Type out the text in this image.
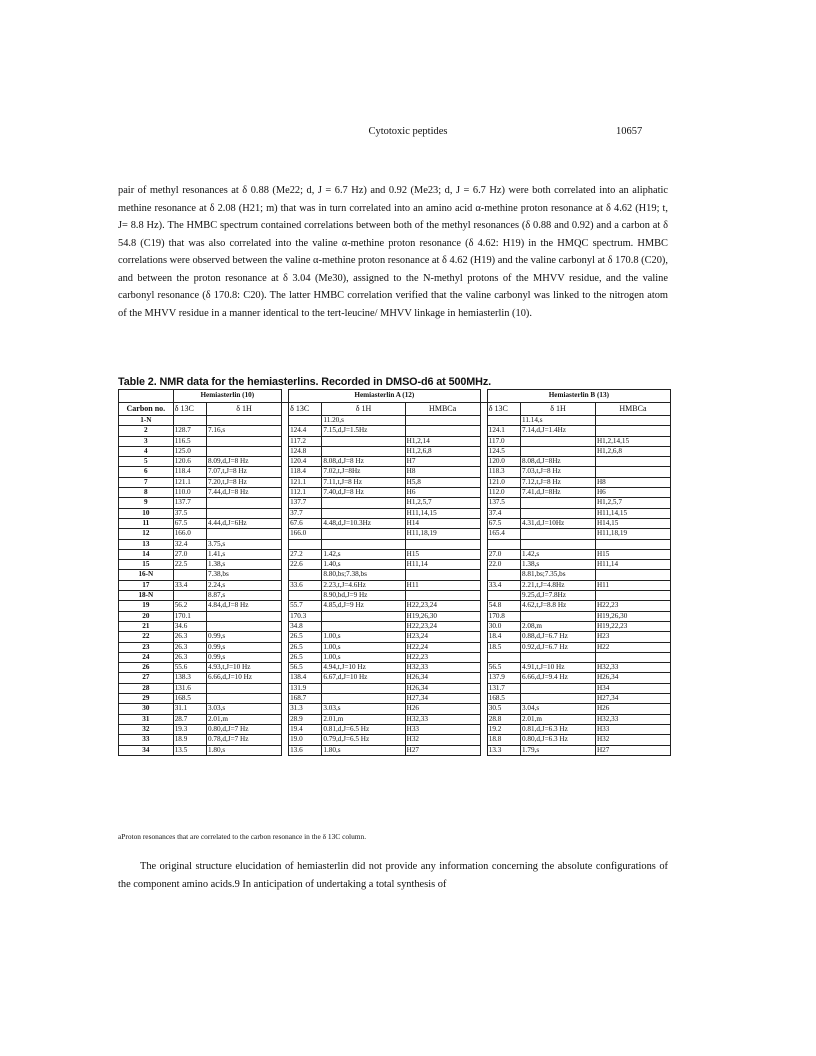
Cytotoxic peptides	10657

pair of methyl resonances at δ 0.88 (Me22; d, J = 6.7 Hz) and 0.92 (Me23; d, J = 6.7 Hz) were both correlated into an aliphatic methine resonance at δ 2.08 (H21; m) that was in turn correlated into an amino acid α-methine proton resonance at δ 4.62 (H19; t, J= 8.8 Hz). The HMBC spectrum contained correlations between both of the methyl resonances (δ 0.88 and 0.92) and a carbon at δ 54.8 (C19) that was also correlated into the valine α-methine proton resonance (δ 4.62: H19) in the HMQC spectrum. HMBC correlations were observed between the valine α-methine proton resonance at δ 4.62 (H19) and the valine carbonyl at δ 170.8 (C20), and between the proton resonance at δ 3.04 (Me30), assigned to the N-methyl protons of the MHVV residue, and the valine carbonyl resonance (δ 170.8: C20). The latter HMBC correlation verified that the valine carbonyl was linked to the nitrogen atom of the MHVV residue in a manner identical to the tert-leucine/ MHVV linkage in hemiasterlin (10).

Table 2. NMR data for the hemiasterlins. Recorded in DMSO-d6 at 500MHz.
	Hemiasterlin (10)			Hemiasterlin A (12)				Hemiasterlin B (13)		
Carbon no.	δ 13C	δ 1H		δ 13C	δ 1H	HMBCa		δ 13C	δ 1H	HMBCa
1-N					11.20,s				11.14,s	
2	128.7	7.16,s		124.4	7.15,d,J=1.5Hz			124.1	7.14,d,J=1.4Hz	
3	116.5			117.2		H1,2,14		117.0		H1,2,14,15
4	125.0			124.8		H1,2,6,8		124.5		H1,2,6,8
5	120.6	8.09,d,J=8 Hz		120.4	8.08,d,J=8 Hz	H7		120.0	8.08,d,J=8Hz	
6	118.4	7.07,t,J=8 Hz		118.4	7.02,t,J=8Hz	H8		118.3	7.03,t,J=8 Hz	
7	121.1	7.20,t,J=8 Hz		121.1	7.11,t,J=8 Hz	H5,8		121.0	7.12,t,J=8 Hz	H8
8	110.0	7.44,d,J=8 Hz		112.1	7.40,d,J=8 Hz	H6		112.0	7.41,d,J=8Hz	H6
9	137.7			137.7		H1,2,5,7		137.5		H1,2,5,7
10	37.5			37.7		H11,14,15		37.4		H11,14,15
11	67.5	4.44,d,J=6Hz		67.6	4.48,d,J=10.3Hz	H14		67.5	4.31,d,J=10Hz	H14,15
12	166.0			166.0		H11,18,19		165.4		H11,18,19
13	32.4	3.75,s								
14	27.0	1.41,s		27.2	1.42,s	H15		27.0	1.42,s	H15
15	22.5	1.38,s		22.6	1.40,s	H11,14		22.0	1.38,s	H11,14
16-N		7.38,bs			8.80,bs;7.38,bs				8.81,bs;7.35,bs	
17	33.4	2.24,s		33.6	2.23,t,J=4.6Hz	H11		33.4	2.21,t,J=4.8Hz	H11
18-N		8.87,s			8.90,bd,J=9 Hz				9.25,d,J=7.8Hz	
19	56.2	4.84,d,J=8 Hz		55.7	4.85,d,J=9 Hz	H22,23,24		54.8	4.62,t,J=8.8 Hz	H22,23
20	170.1			170.3		H19,26,30		170.8		H19,26,30
21	34.6			34.8		H22,23,24		30.0	2.08,m	H19,22,23
22	26.3	0.99,s		26.5	1.00,s	H23,24		18.4	0.88,d,J=6.7 Hz	H23
23	26.3	0.99,s		26.5	1.00,s	H22,24		18.5	0.92,d,J=6.7 Hz	H22
24	26.3	0.99,s		26.5	1.00,s	H22,23				
26	55.6	4.93,t,J=10 Hz		56.5	4.94,t,J=10 Hz	H32,33		56.5	4.91,t,J=10 Hz	H32,33
27	138.3	6.66,d,J=10 Hz		138.4	6.67,d,J=10 Hz	H26,34		137.9	6.66,d,J=9.4 Hz	H26,34
28	131.6			131.9		H26,34		131.7		H34
29	168.5			168.7		H27,34		168.5		H27,34
30	31.1	3.03,s		31.3	3.03,s	H26		30.5	3.04,s	H26
31	28.7	2.01,m		28.9	2.01,m	H32,33		28.8	2.01,m	H32,33
32	19.3	0.80,d,J=7 Hz		19.4	0.81,d,J=6.5 Hz	H33		19.2	0.81,d,J=6.3 Hz	H33
33	18.9	0.78,d,J=7 Hz		19.0	0.79,d,J=6.5 Hz	H32		18.8	0.80,d,J=6.3 Hz	H32
34	13.5	1.80,s		13.6	1.80,s	H27		13.3	1.79,s	H27
aProton resonances that are correlated to the carbon resonance in the δ 13C column.

The original structure elucidation of hemiasterlin did not provide any information concerning the absolute configurations of the component amino acids.9 In anticipation of undertaking a total synthesis of
